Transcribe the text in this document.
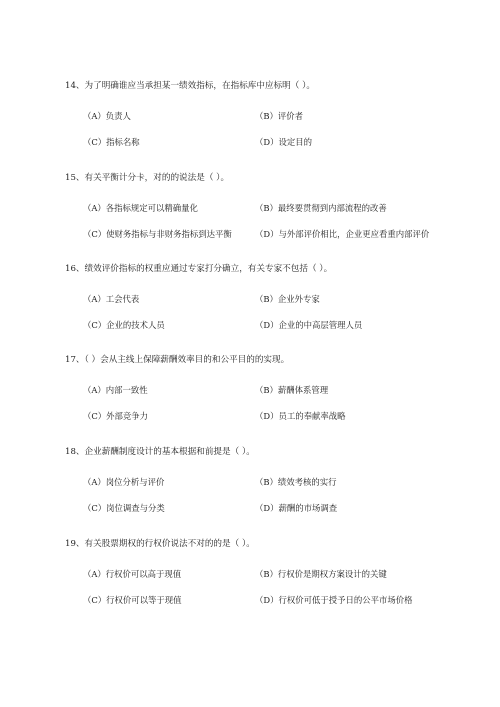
14、为了明确谁应当承担某一绩效指标，在指标库中应标明（ ）。

（A）负责人	（B）评价者
（C）指标名称	（D）设定目的

15、有关平衡计分卡，对的的说法是（ ）。

（A）各指标规定可以精确量化	（B）最终要贯彻到内部流程的改善
（C）使财务指标与非财务指标到达平衡	（D）与外部评价相比，企业更应看重内部评价

16、绩效评价指标的权重应通过专家打分确立，有关专家不包括（ ）。

（A）工会代表	（B）企业外专家
（C）企业的技术人员	（D）企业的中高层管理人员

17、（ ）会从主线上保障薪酬效率目的和公平目的的实现。

（A）内部一致性	（B）薪酬体系管理
（C）外部竞争力	（D）员工的奉献率战略

18、企业薪酬制度设计的基本根据和前提是（ ）。

（A）岗位分析与评价	（B）绩效考核的实行
（C）岗位调查与分类	（D）薪酬的市场调查

19、有关股票期权的行权价说法不对的的是（ ）。

（A）行权价可以高于现值	（B）行权价是期权方案设计的关键
（C）行权价可以等于现值	（D）行权价可低于授予日的公平市场价格
